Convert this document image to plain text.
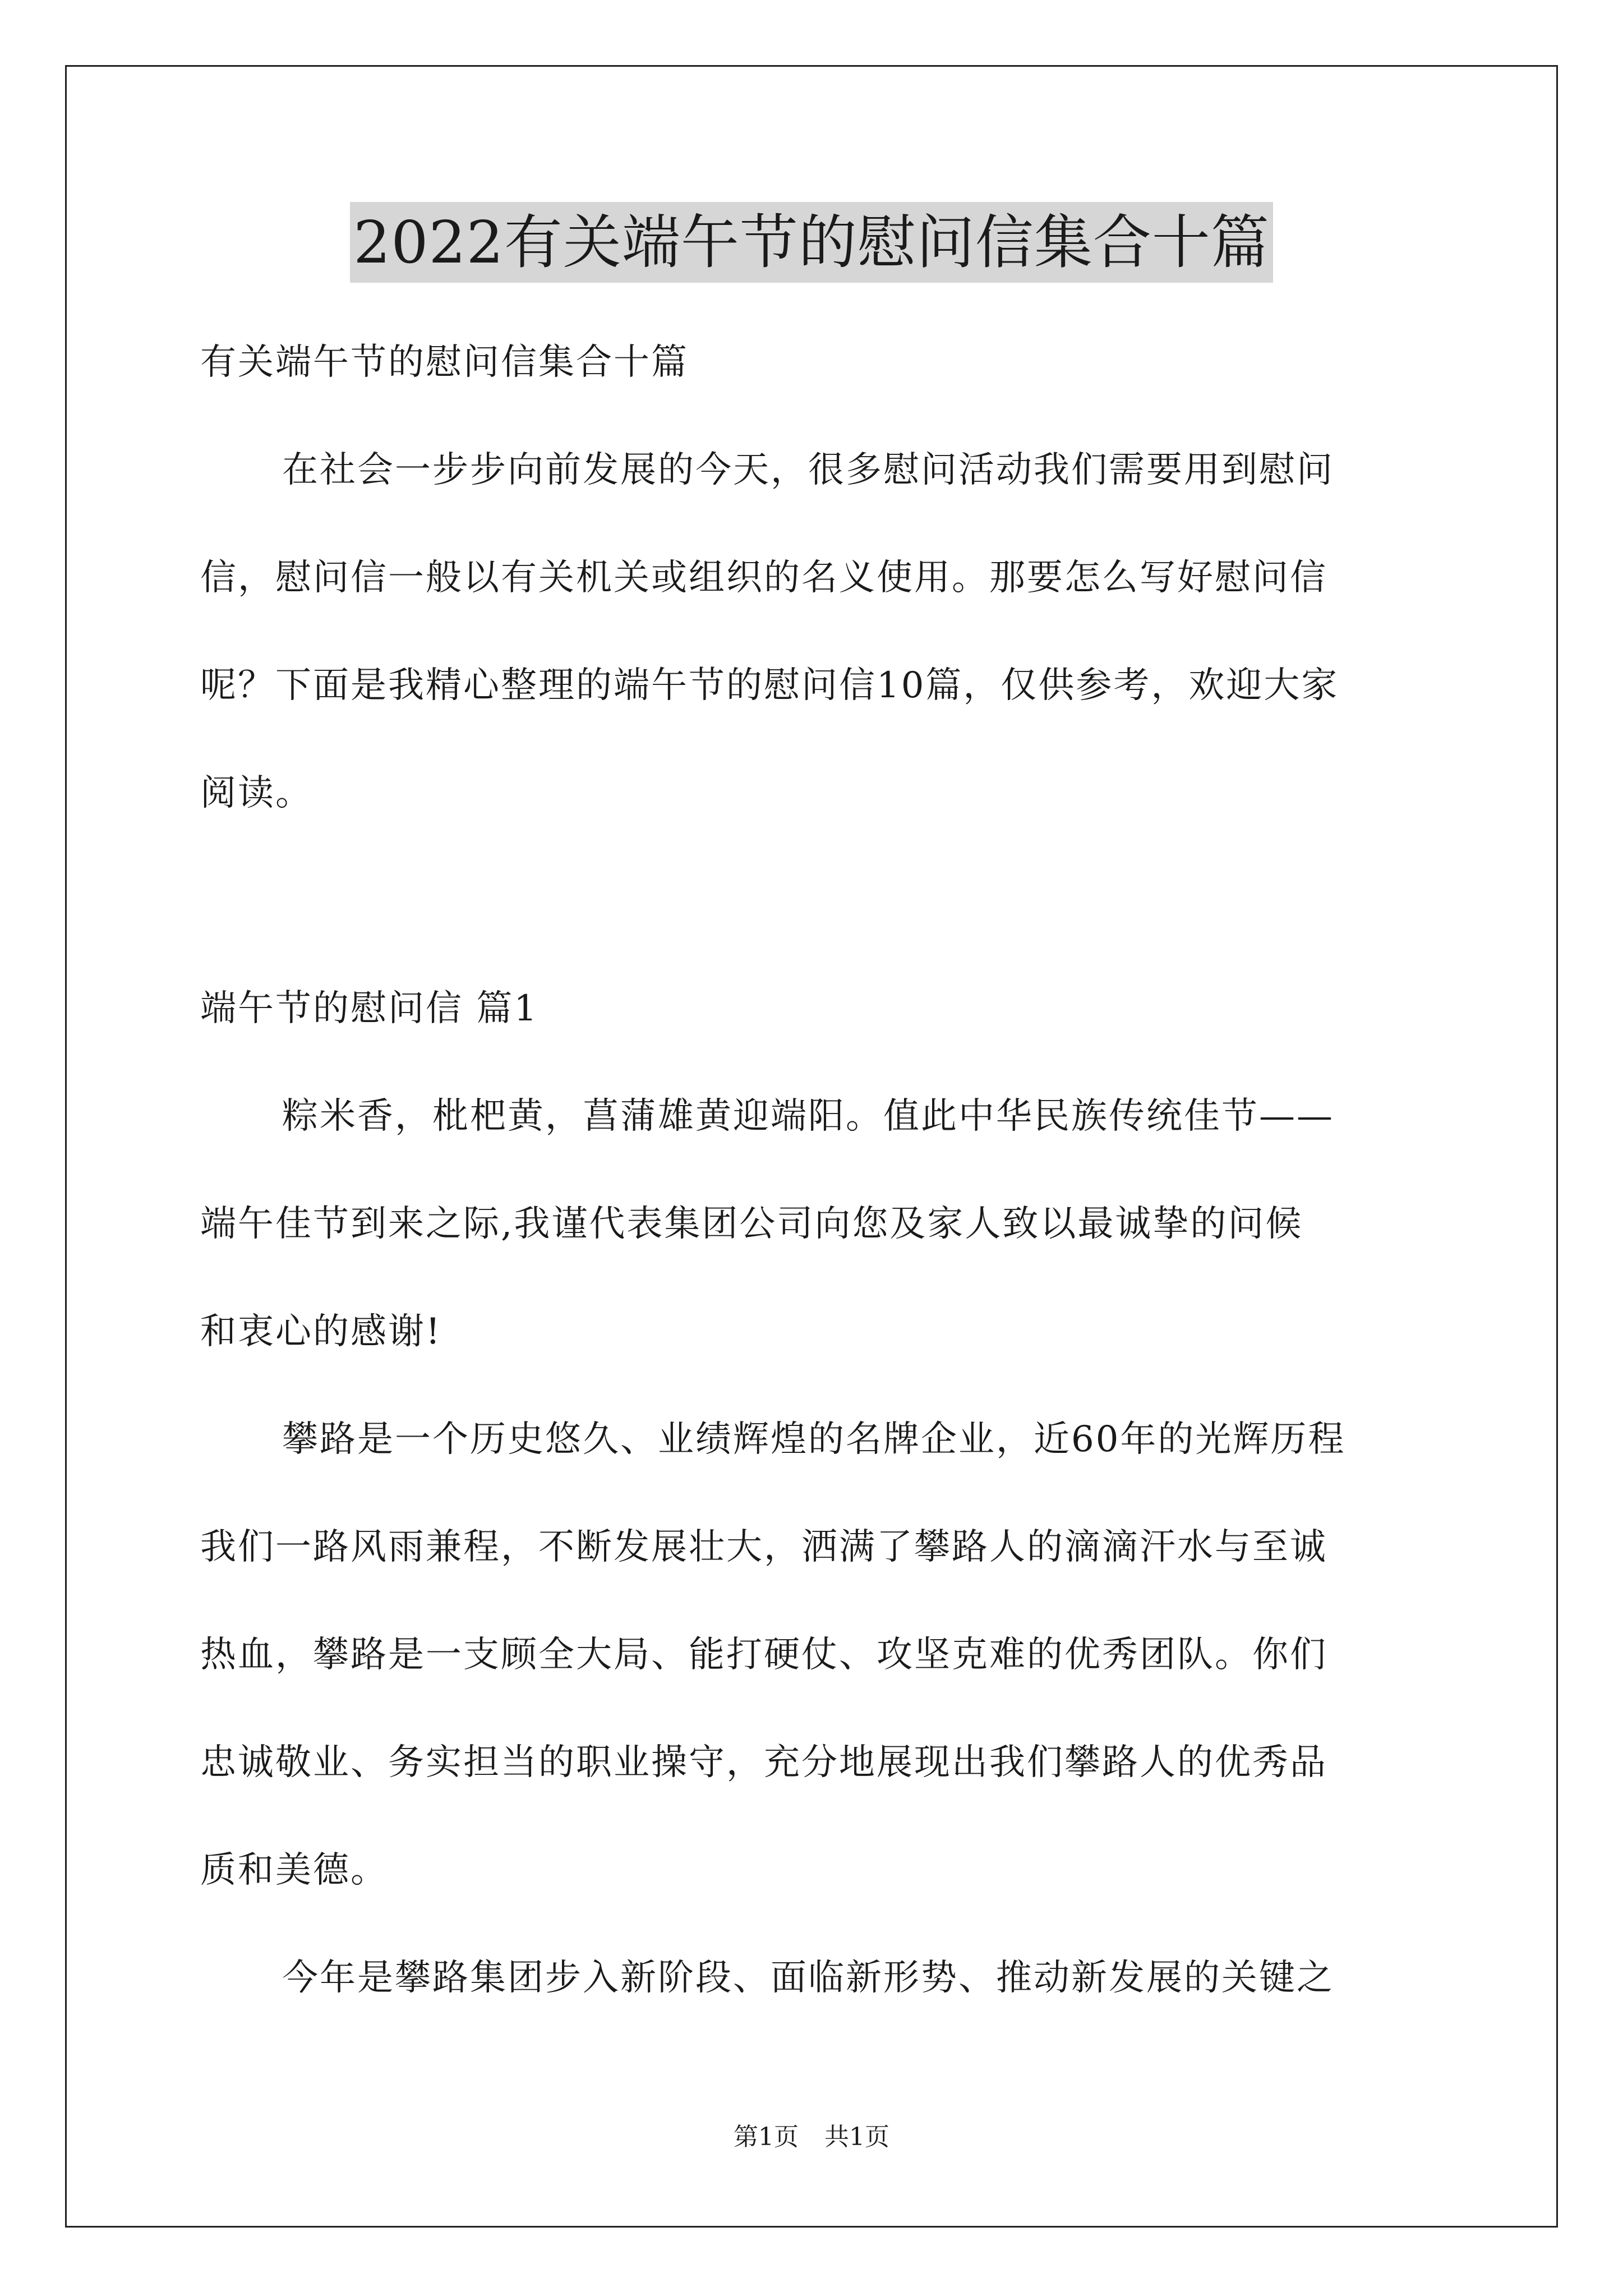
2022有关端午节的慰问信集合十篇
有关端午节的慰问信集合十篇
在社会一步步向前发展的今天，很多慰问活动我们需要用到慰问
信，慰问信一般以有关机关或组织的名义使用。那要怎么写好慰问信
呢？下面是我精心整理的端午节的慰问信10篇，仅供参考，欢迎大家
阅读。
端午节的慰问信 篇1
粽米香，枇杷黄，菖蒲雄黄迎端阳。值此中华民族传统佳节——
端午佳节到来之际,我谨代表集团公司向您及家人致以最诚挚的问候
和衷心的感谢!
攀路是一个历史悠久、业绩辉煌的名牌企业，近60年的光辉历程
我们一路风雨兼程，不断发展壮大，洒满了攀路人的滴滴汗水与至诚
热血，攀路是一支顾全大局、能打硬仗、攻坚克难的优秀团队。你们
忠诚敬业、务实担当的职业操守，充分地展现出我们攀路人的优秀品
质和美德。
今年是攀路集团步入新阶段、面临新形势、推动新发展的关键之
第1页 共1页
